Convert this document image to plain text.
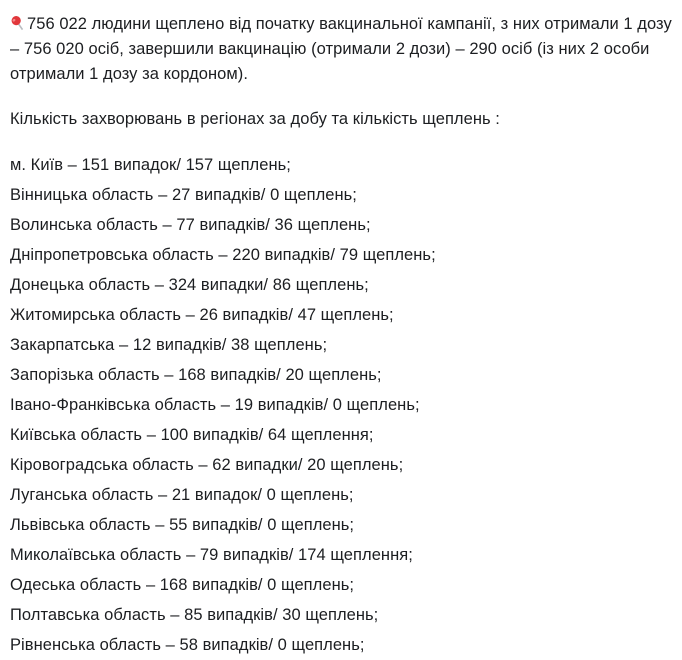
756 022 людини щеплено від початку вакцинальної кампанії, з них отримали 1 дозу – 756 020 осіб, завершили вакцинацію (отримали 2 дози) – 290 осіб (із них 2 особи отримали 1 дозу за кордоном).

Кількість захворювань в регіонах за добу та кількість щеплень :

м. Київ – 151 випадок/ 157 щеплень;
Вінницька область – 27 випадків/ 0 щеплень;
Волинська область – 77 випадків/ 36 щеплень;
Дніпропетровська область – 220 випадків/ 79 щеплень;
Донецька область – 324 випадки/ 86 щеплень;
Житомирська область – 26 випадків/ 47 щеплень;
Закарпатська – 12 випадків/ 38 щеплень;
Запорізька область – 168 випадків/ 20 щеплень;
Івано-Франківська область – 19 випадків/ 0 щеплень;
Київська область – 100 випадків/ 64 щеплення;
Кіровоградська область – 62 випадки/ 20 щеплень;
Луганська область – 21 випадок/ 0 щеплень;
Львівська область – 55 випадків/ 0 щеплень;
Миколаївська область – 79 випадків/ 174 щеплення;
Одеська область – 168 випадків/ 0 щеплень;
Полтавська область – 85 випадків/ 30 щеплень;
Рівненська область – 58 випадків/ 0 щеплень;
